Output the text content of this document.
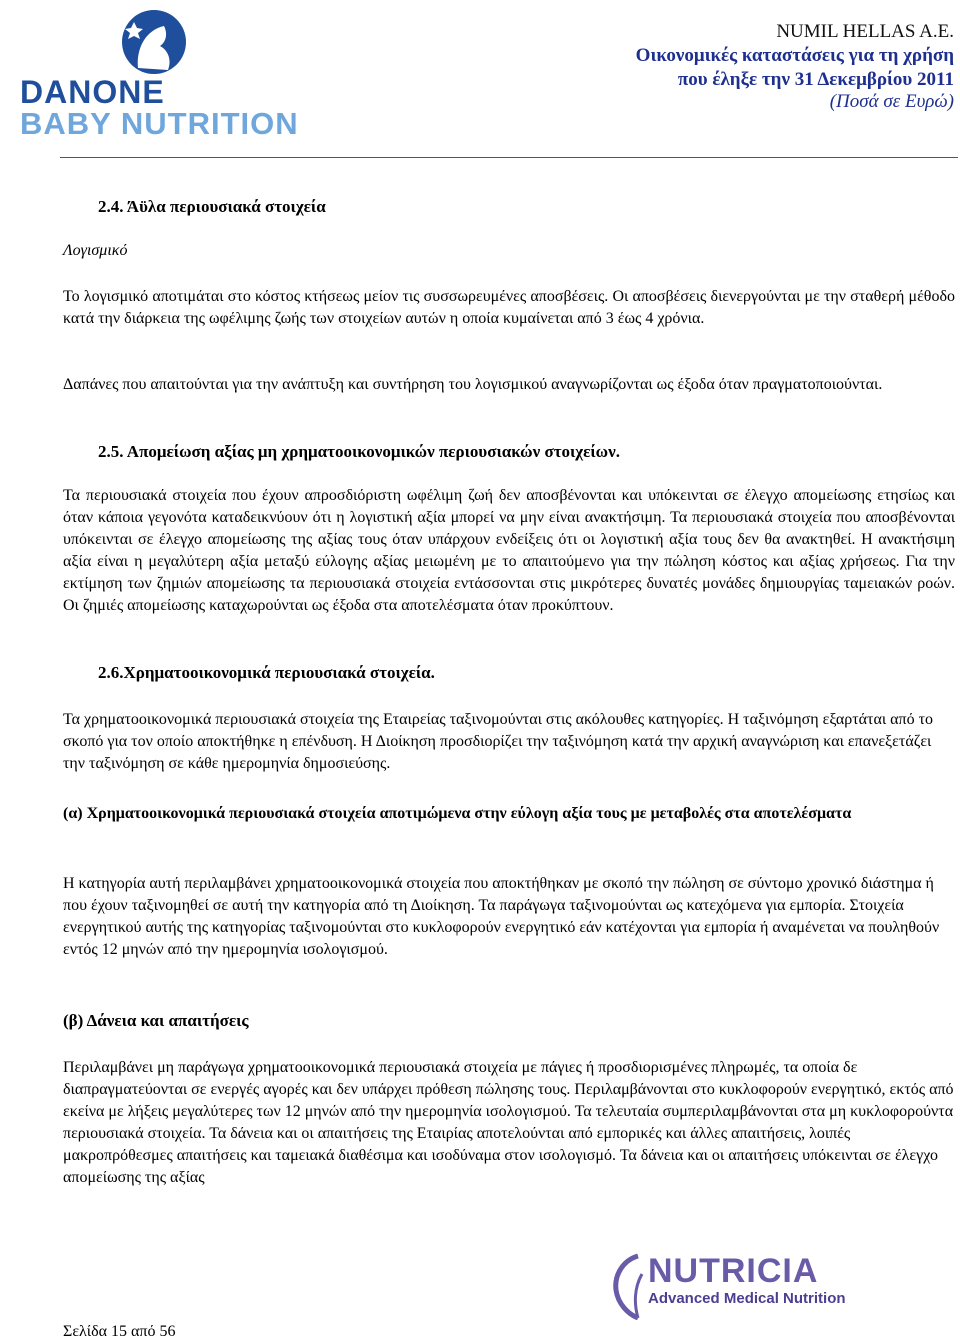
DANONE
BABY NUTRITION
NUMIL HELLAS A.E.
Οικονομικές καταστάσεις για τη χρήση
που έληξε την 31 Δεκεμβρίου 2011
(Ποσά σε Ευρώ)
2.4. Άϋλα περιουσιακά στοιχεία
Λογισμικό
Το λογισμικό αποτιμάται στο κόστος κτήσεως μείον τις συσσωρευμένες αποσβέσεις. Οι αποσβέσεις διενεργούνται με την σταθερή μέθοδο κατά την διάρκεια της ωφέλιμης ζωής των στοιχείων αυτών η οποία κυμαίνεται από 3 έως 4 χρόνια.
Δαπάνες που απαιτούνται για την ανάπτυξη και συντήρηση του λογισμικού αναγνωρίζονται ως έξοδα όταν πραγματοποιούνται.
2.5. Απομείωση αξίας μη χρηματοοικονομικών περιουσιακών στοιχείων.
Τα περιουσιακά στοιχεία που έχουν απροσδιόριστη ωφέλιμη ζωή δεν αποσβένονται και υπόκεινται σε έλεγχο απομείωσης ετησίως και όταν κάποια γεγονότα καταδεικνύουν ότι η λογιστική αξία μπορεί να μην είναι ανακτήσιμη. Τα περιουσιακά στοιχεία που αποσβένονται υπόκεινται σε έλεγχο απομείωσης της αξίας τους όταν υπάρχουν ενδείξεις ότι οι λογιστική αξία τους δεν θα ανακτηθεί. Η ανακτήσιμη αξία είναι η μεγαλύτερη αξία μεταξύ εύλογης αξίας μειωμένη με το απαιτούμενο για την πώληση κόστος και αξίας χρήσεως. Για την εκτίμηση των ζημιών απομείωσης τα περιουσιακά στοιχεία εντάσσονται στις μικρότερες δυνατές μονάδες δημιουργίας ταμειακών ροών. Οι ζημιές απομείωσης καταχωρούνται ως έξοδα στα αποτελέσματα όταν προκύπτουν.
2.6.Χρηματοοικονομικά περιουσιακά στοιχεία.
Τα χρηματοοικονομικά περιουσιακά στοιχεία της Εταιρείας ταξινομούνται στις ακόλουθες κατηγορίες. Η ταξινόμηση εξαρτάται από το σκοπό για τον οποίο αποκτήθηκε η επένδυση. Η Διοίκηση προσδιορίζει την ταξινόμηση κατά την αρχική αναγνώριση και επανεξετάζει την ταξινόμηση σε κάθε ημερομηνία δημοσιεύσης.
(α) Χρηματοοικονομικά περιουσιακά στοιχεία αποτιμώμενα στην εύλογη αξία τους με μεταβολές στα αποτελέσματα
Η κατηγορία αυτή περιλαμβάνει χρηματοοικονομικά στοιχεία που αποκτήθηκαν με σκοπό την πώληση σε σύντομο χρονικό διάστημα ή που έχουν ταξινομηθεί σε αυτή την κατηγορία από τη Διοίκηση. Τα παράγωγα ταξινομούνται ως κατεχόμενα για εμπορία. Στοιχεία ενεργητικού αυτής της κατηγορίας ταξινομούνται στο κυκλοφορούν ενεργητικό εάν κατέχονται για εμπορία ή αναμένεται να πουληθούν εντός 12 μηνών από την ημερομηνία ισολογισμού.
(β) Δάνεια και απαιτήσεις
Περιλαμβάνει μη παράγωγα χρηματοοικονομικά περιουσιακά στοιχεία με πάγιες ή προσδιορισμένες πληρωμές, τα οποία δε διαπραγματεύονται σε ενεργές αγορές και δεν υπάρχει πρόθεση πώλησης τους. Περιλαμβάνονται στο κυκλοφορούν ενεργητικό, εκτός από εκείνα με λήξεις μεγαλύτερες των 12 μηνών από την ημερομηνία ισολογισμού. Τα τελευταία συμπεριλαμβάνονται στα μη κυκλοφορούντα περιουσιακά στοιχεία. Τα δάνεια και οι απαιτήσεις της Εταιρίας αποτελούνται από εμπορικές και άλλες απαιτήσεις, λοιπές μακροπρόθεσμες απαιτήσεις και ταμειακά διαθέσιμα και ισοδύναμα στον ισολογισμό. Τα δάνεια και οι απαιτήσεις υπόκεινται σε έλεγχο απομείωσης της αξίας
NUTRICIA
Advanced Medical Nutrition
Σελίδα 15 από 56
